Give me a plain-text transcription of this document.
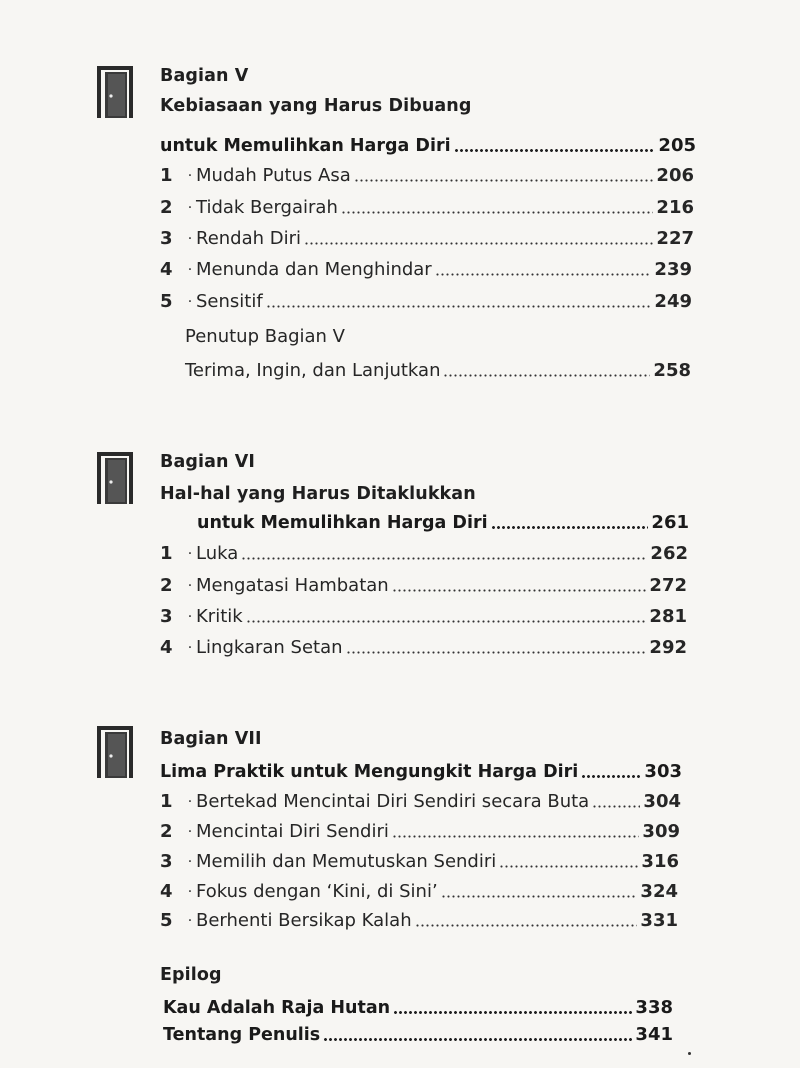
Bagian V
Kebiasaan yang Harus Dibuang
untuk Memulihkan Harga Diri	205
1	· Mudah Putus Asa	206
2	· Tidak Bergairah	216
3	· Rendah Diri	227
4	· Menunda dan Menghindar	239
5	· Sensitif	249
Penutup Bagian V
Terima, Ingin, dan Lanjutkan	258
Bagian VI
Hal-hal yang Harus Ditaklukkan
untuk Memulihkan Harga Diri	261
1	· Luka	262
2	· Mengatasi Hambatan	272
3	· Kritik	281
4	· Lingkaran Setan	292
Bagian VII
Lima Praktik untuk Mengungkit Harga Diri	303
1	· Bertekad Mencintai Diri Sendiri secara Buta	304
2	· Mencintai Diri Sendiri	309
3	· Memilih dan Memutuskan Sendiri	316
4	· Fokus dengan ‘Kini, di Sini’	324
5	· Berhenti Bersikap Kalah	331
Epilog
Kau Adalah Raja Hutan	338
Tentang Penulis	341
